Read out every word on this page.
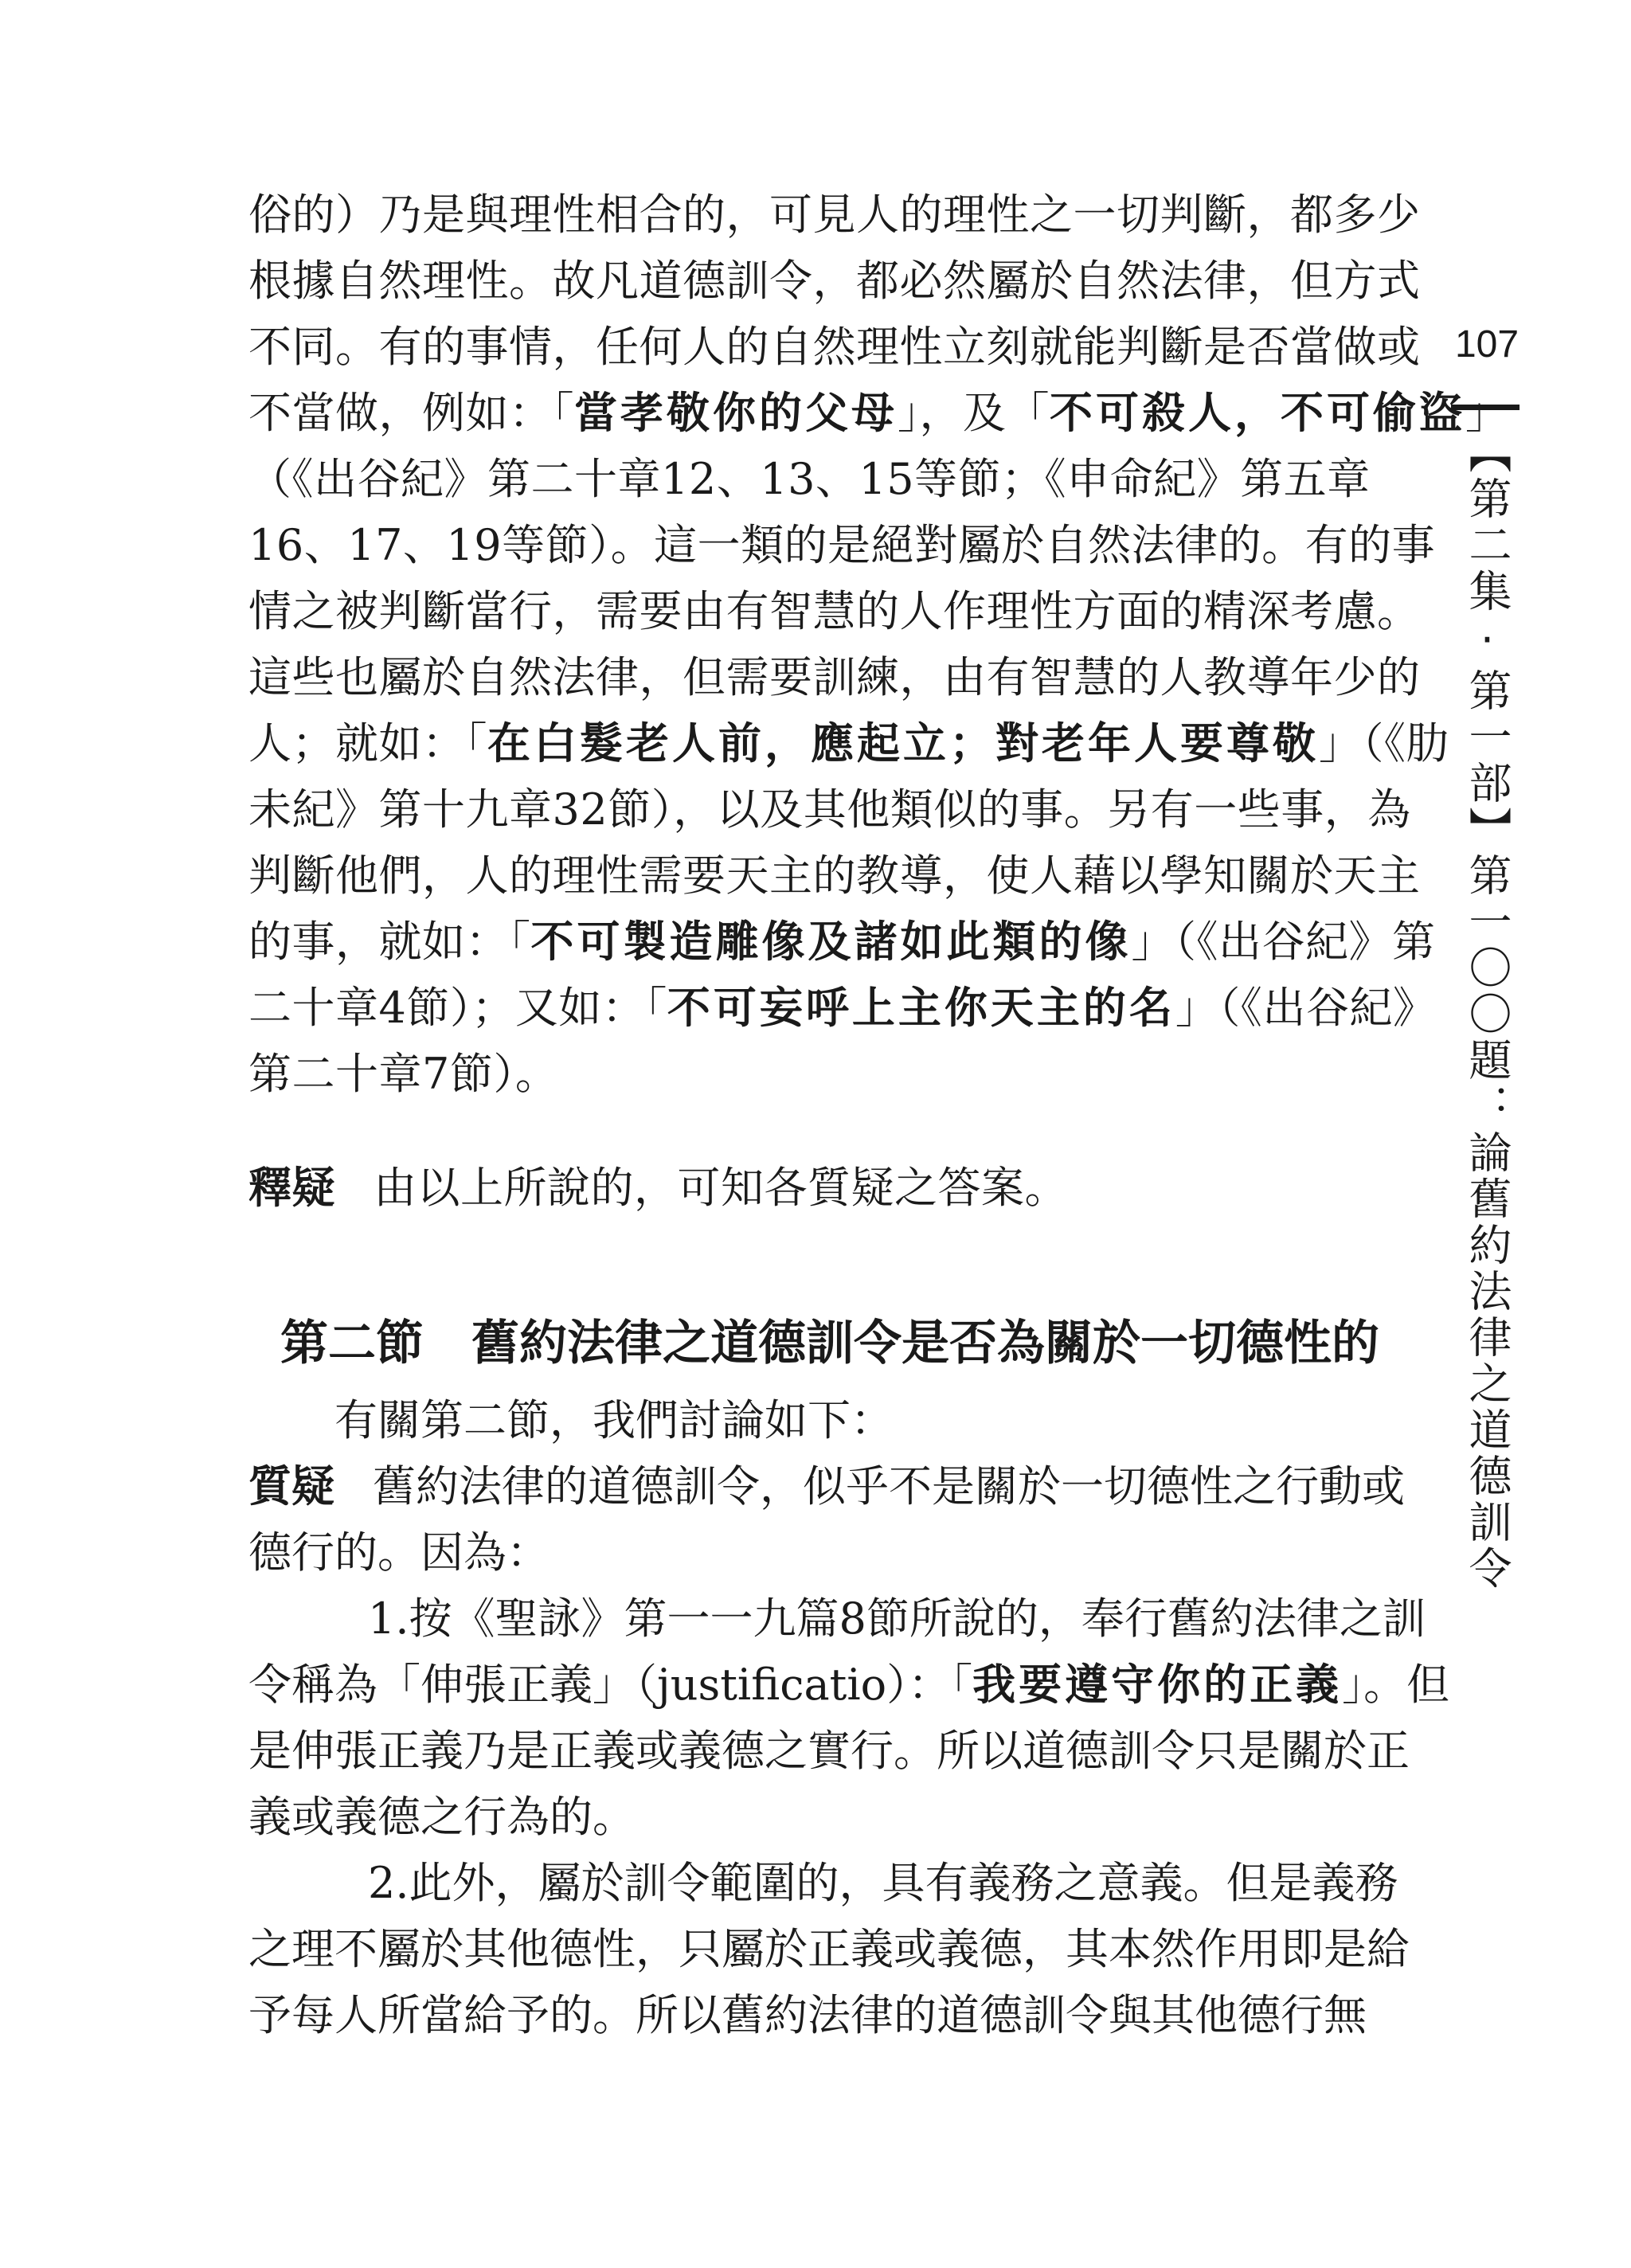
107
【第二集·第一部】第一〇〇題：論舊約法律之道德訓令
俗的）乃是與理性相合的，可見人的理性之一切判斷，都多少
根據自然理性。故凡道德訓令，都必然屬於自然法律，但方式
不同。有的事情，任何人的自然理性立刻就能判斷是否當做或
不當做，例如：「當孝敬你的父母」，及「不可殺人，不可偷盜」
（《出谷紀》第二十章12、13、15等節；《申命紀》第五章
16、17、19等節）。這一類的是絕對屬於自然法律的。有的事
情之被判斷當行，需要由有智慧的人作理性方面的精深考慮。
這些也屬於自然法律，但需要訓練，由有智慧的人教導年少的
人；就如：「在白髮老人前，應起立；對老年人要尊敬」（《肋
未紀》第十九章32節），以及其他類似的事。另有一些事，為
判斷他們，人的理性需要天主的教導，使人藉以學知關於天主
的事，就如：「不可製造雕像及諸如此類的像」（《出谷紀》第
二十章4節）；又如：「不可妄呼上主你天主的名」（《出谷紀》
第二十章7節）。
釋疑 由以上所說的，可知各質疑之答案。
第二節 舊約法律之道德訓令是否為關於一切德性的
有關第二節，我們討論如下：
質疑 舊約法律的道德訓令，似乎不是關於一切德性之行動或
德行的。因為：
1.按《聖詠》第一一九篇8節所說的，奉行舊約法律之訓
令稱為「伸張正義」（justificatio）：「我要遵守你的正義」。但
是伸張正義乃是正義或義德之實行。所以道德訓令只是關於正
義或義德之行為的。
2.此外，屬於訓令範圍的，具有義務之意義。但是義務
之理不屬於其他德性，只屬於正義或義德，其本然作用即是給
予每人所當給予的。所以舊約法律的道德訓令與其他德行無
